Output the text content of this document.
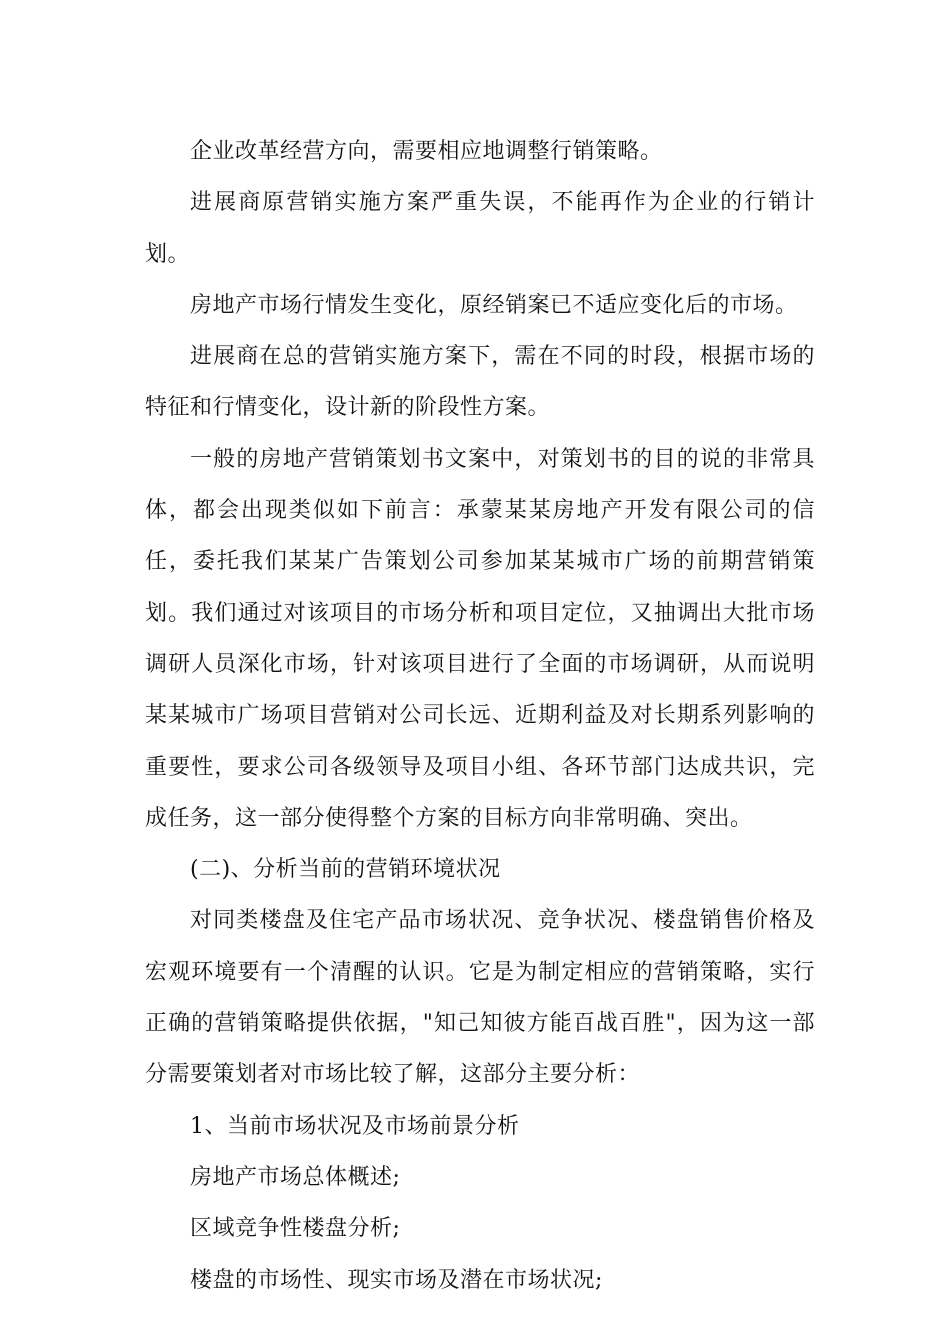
企业改革经营方向，需要相应地调整行销策略。

进展商原营销实施方案严重失误，不能再作为企业的行销计划。

房地产市场行情发生变化，原经销案已不适应变化后的市场。

进展商在总的营销实施方案下，需在不同的时段，根据市场的特征和行情变化，设计新的阶段性方案。

一般的房地产营销策划书文案中，对策划书的目的说的非常具体，都会出现类似如下前言：承蒙某某房地产开发有限公司的信任，委托我们某某广告策划公司参加某某城市广场的前期营销策划。我们通过对该项目的市场分析和项目定位，又抽调出大批市场调研人员深化市场，针对该项目进行了全面的市场调研，从而说明某某城市广场项目营销对公司长远、近期利益及对长期系列影响的重要性，要求公司各级领导及项目小组、各环节部门达成共识，完成任务，这一部分使得整个方案的目标方向非常明确、突出。

(二)、分析当前的营销环境状况

对同类楼盘及住宅产品市场状况、竞争状况、楼盘销售价格及宏观环境要有一个清醒的认识。它是为制定相应的营销策略，实行正确的营销策略提供依据，"知己知彼方能百战百胜"，因为这一部分需要策划者对市场比较了解，这部分主要分析：

1、当前市场状况及市场前景分析

房地产市场总体概述;

区域竞争性楼盘分析;

楼盘的市场性、现实市场及潜在市场状况;
